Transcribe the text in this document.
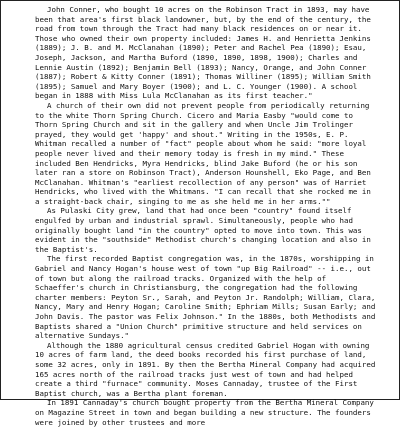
John Conner, who bought 10 acres on the Robinson Tract in 1893, may have been that area's first black landowner, but, by the end of the century, the road from town through the Tract had many black residences on or near it. Those who owned their own property included: James H. and Henrietta Jenkins (1889); J. B. and M. McClanahan (1890); Peter and Rachel Pea (1890); Esau, Joseph, Jackson, and Martha Buford (1890, 1890, 1898, 1900); Charles and Lennie Austin (1892); Benjamin Bell (1893); Nancy, Orange, and John Conner (1887); Robert & Kitty Conner (1891); Thomas Williner (1895); William Smith (1895); Samuel and Mary Boyer (1900); and L. C. Younger (1900). A school began in 1888 with Miss Lula McClanahan as its first teacher."

A church of their own did not prevent people from periodically returning to the white Thorn Spring Church. Cicero and Maria Easby "would come to Thorn Spring Church and sit in the gallery and when Uncle Jim Trolinger prayed, they would get 'happy' and shout." Writing in the 1950s, E. P. Whitman recalled a number of "fact" people about whom he said: "more loyal people never lived and their memory today is fresh in my mind." These included Ben Hendricks, Myra Hendricks, blind Jake Buford (he or his son later ran a store on Robinson Tract), Anderson Hounshell, Eko Page, and Ben McClanahan. Whitman's "earliest recollection of any person" was of Harriet Hendricks, who lived with the Whitmans. "I can recall that she rocked me in a straight-back chair, singing to me as she held me in her arms.""

As Pulaski City grew, land that had once been "country" found itself engulfed by urban and industrial sprawl. Simultaneously, people who had originally bought land "in the country" opted to move into town. This was evident in the "southside" Methodist church's changing location and also in the Baptist's.

The first recorded Baptist congregation was, in the 1870s, worshipping in Gabriel and Nancy Hogan's house west of town "up Big Railroad" -- i.e., out of town but along the railroad tracks. Organized with the help of Schaeffer's church in Christiansburg, the congregation had the following charter members: Peyton Sr., Sarah, and Peyton Jr. Randolph; William, Clara, Nancy, Mary and Henry Hogan; Caroline Smith; Ephriam Mills; Susan Early; and John Davis. The pastor was Felix Johnson." In the 1880s, both Methodists and Baptists shared a "Union Church" primitive structure and held services on alternative Sundays."

Although the 1880 agricultural census credited Gabriel Hogan with owning 10 acres of farm land, the deed books recorded his first purchase of land, some 32 acres, only in 1891. By then the Bertha Mineral Company had acquired 165 acres north of the railroad tracks just west of town and had helped create a third "furnace" community. Moses Cannaday, trustee of the First Baptist church, was a Bertha plant foreman.

In 1891 Cannaday's church bought property from the Bertha Mineral Company on Magazine Street in town and began building a new structure. The founders were joined by other trustees and more
